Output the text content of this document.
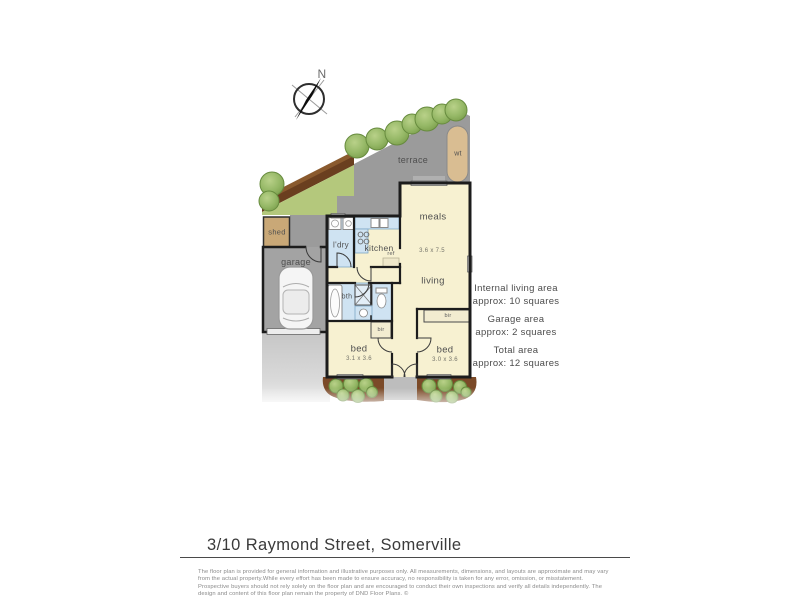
N
terrace
wt
shed
garage
l'dry kitchen
ref
meals
3.6 x 7.5
living
bth
bir
bed
3.1 x 3.6
bir
bed
3.0 x 3.6
Internal living area
approx: 10 squares
Garage area
approx: 2 squares
Total area
approx: 12 squares
3/10 Raymond Street, Somerville

The floor plan is provided for general information and illustrative purposes only. All measurements, dimensions, and layouts are approximate and may vary from the actual property.While every effort has been made to ensure accuracy, no responsibility is taken for any error, omission, or misstatement. Prospective buyers should not rely solely on the floor plan and are encouraged to conduct their own inspections and verify all details independently. The design and content of this floor plan remain the property of DND Floor Plans. ©
